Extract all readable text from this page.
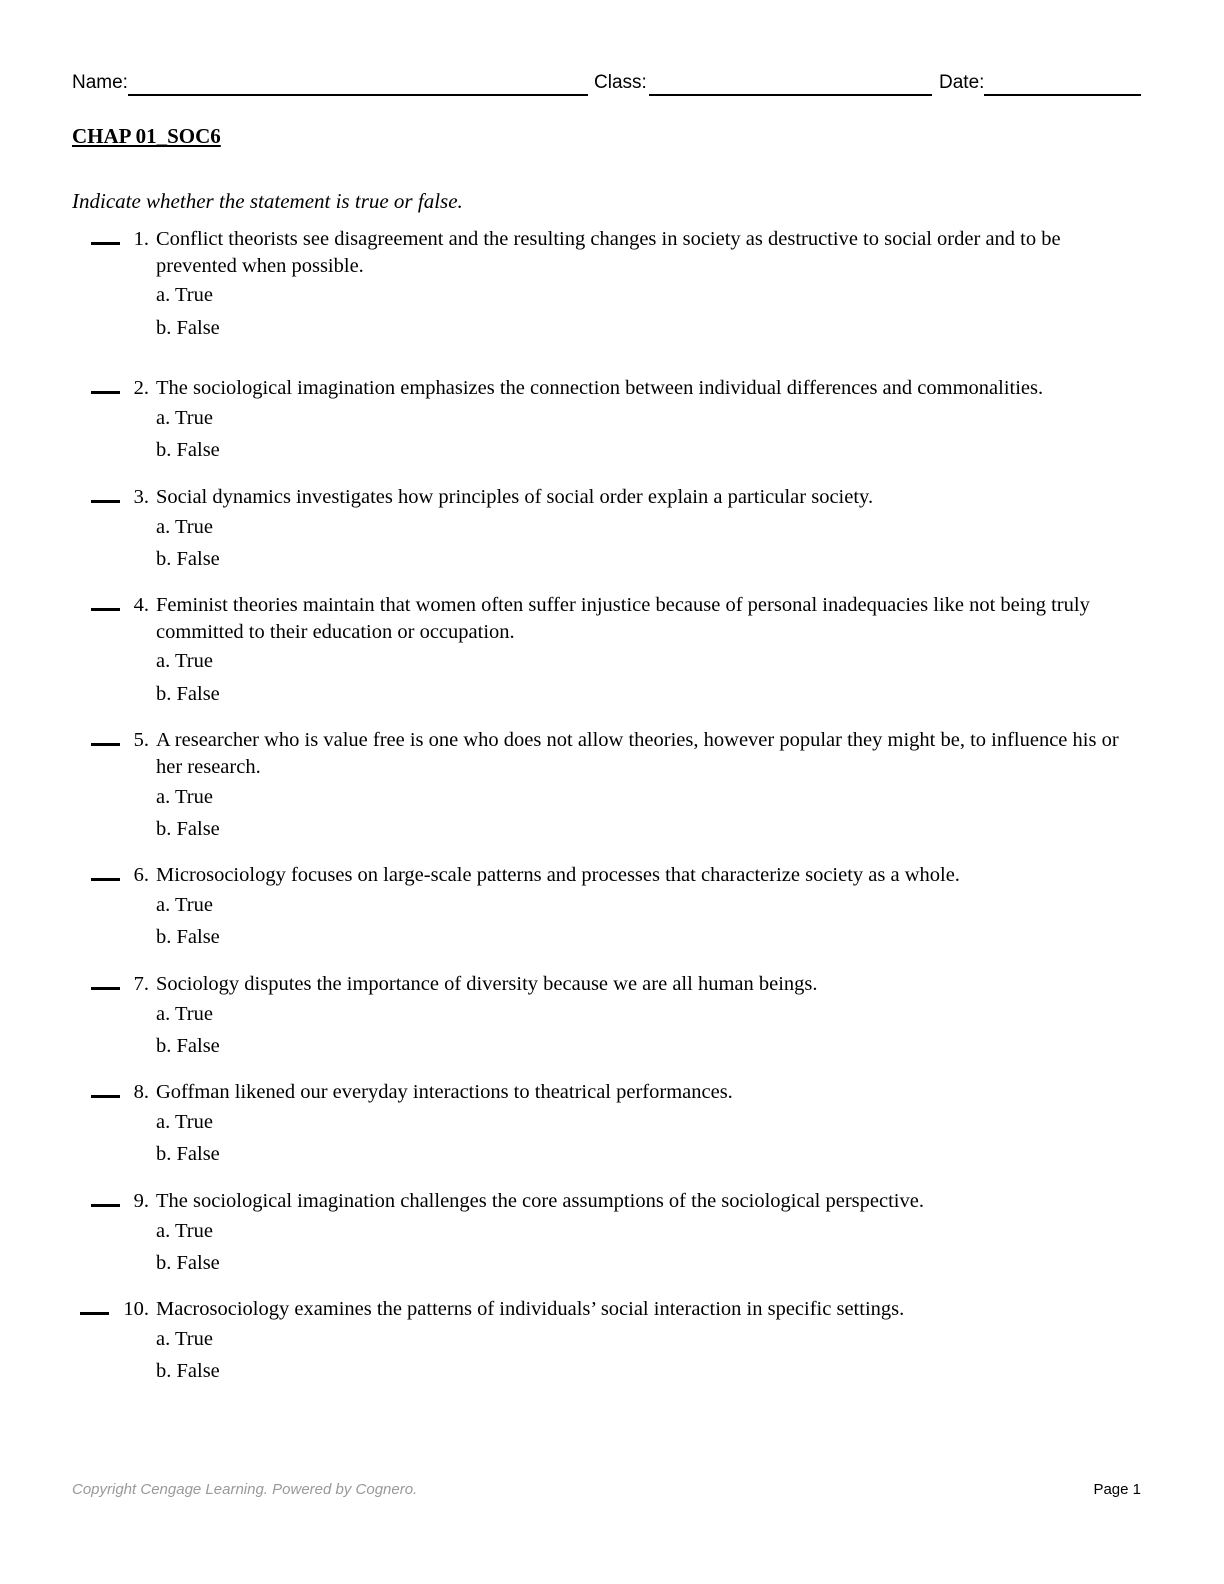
Name:	Class:	Date:
CHAP 01_SOC6
Indicate whether the statement is true or false.
1. Conflict theorists see disagreement and the resulting changes in society as destructive to social order and to be prevented when possible.
a. True
b. False
2. The sociological imagination emphasizes the connection between individual differences and commonalities.
a. True
b. False
3. Social dynamics investigates how principles of social order explain a particular society.
a. True
b. False
4. Feminist theories maintain that women often suffer injustice because of personal inadequacies like not being truly committed to their education or occupation.
a. True
b. False
5. A researcher who is value free is one who does not allow theories, however popular they might be, to influence his or her research.
a. True
b. False
6. Microsociology focuses on large-scale patterns and processes that characterize society as a whole.
a. True
b. False
7. Sociology disputes the importance of diversity because we are all human beings.
a. True
b. False
8. Goffman likened our everyday interactions to theatrical performances.
a. True
b. False
9. The sociological imagination challenges the core assumptions of the sociological perspective.
a. True
b. False
10. Macrosociology examines the patterns of individuals’ social interaction in specific settings.
a. True
b. False
Copyright Cengage Learning. Powered by Cognero.	Page 1
